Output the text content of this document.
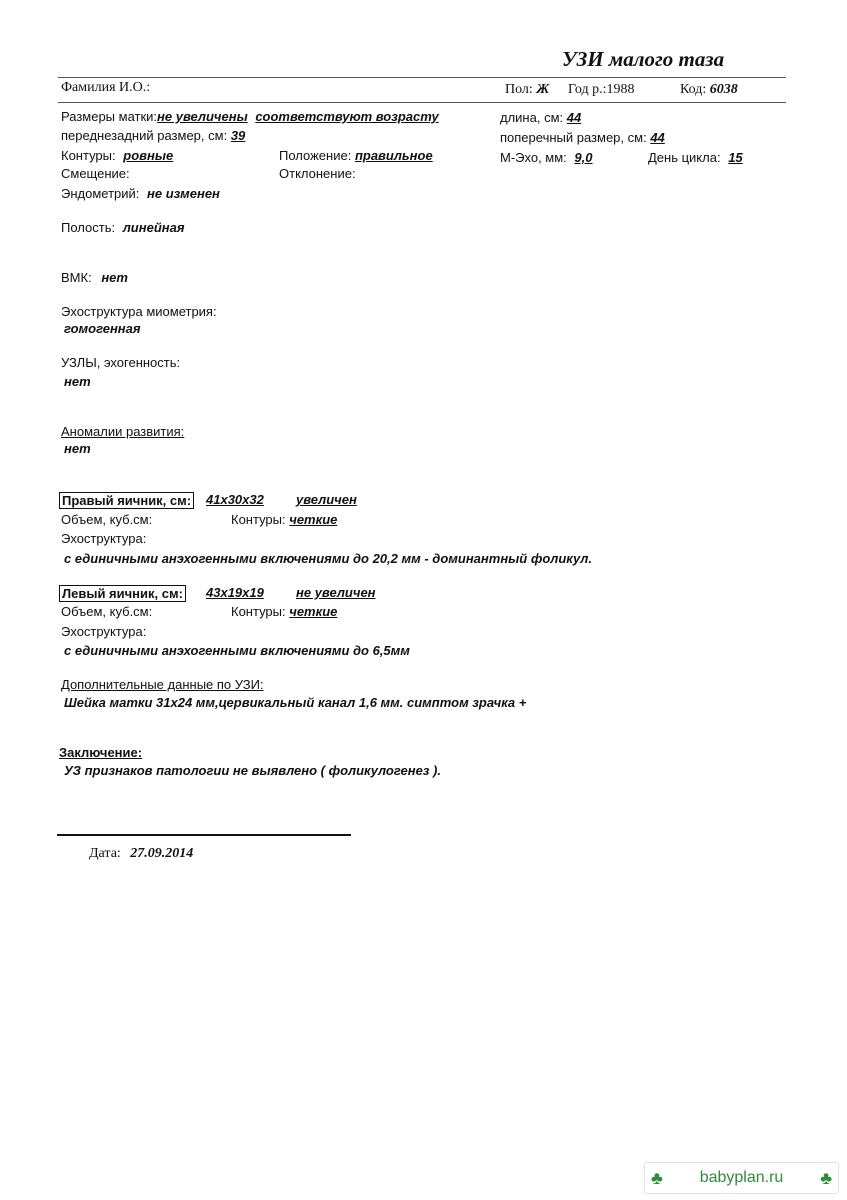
УЗИ малого таза
Фамилия И.О.:	Пол: Ж Год р.:1988	Код: 6038
Размеры матки:не увеличены соответствуют возрасту	длина, см: 44
переднезадний размер, см: 39	поперечный размер, см: 44
Контуры: ровные	Положение: правильное	М-Эхо, мм: 9,0	День цикла: 15
Смещение:	Отклонение:
Эндометрий: не изменен
Полость: линейная
ВМК: нет
Эхоструктура миометрия:
гомогенная
УЗЛЫ, эхогенность:
нет
Аномалии развития:
нет
Правый яичник, см: 41x30x32 увеличен
Объем, куб.см:	Контуры: четкие
Эхоструктура:
с единичными анэхогенными включениями до 20,2 мм - доминантный фоликул.
Левый яичник, см: 43x19x19 не увеличен
Объем, куб.см:	Контуры: четкие
Эхоструктура:
с единичными анэхогенными включениями до 6,5мм
Дополнительные данные по УЗИ:
Шейка матки 31х24 мм,цервикальный канал 1,6 мм. симптом зрачка +
Заключение:
УЗ признаков патологии не выявлено ( фоликулогенез ).
Дата: 27.09.2014
♣ babyplan.ru ♣
